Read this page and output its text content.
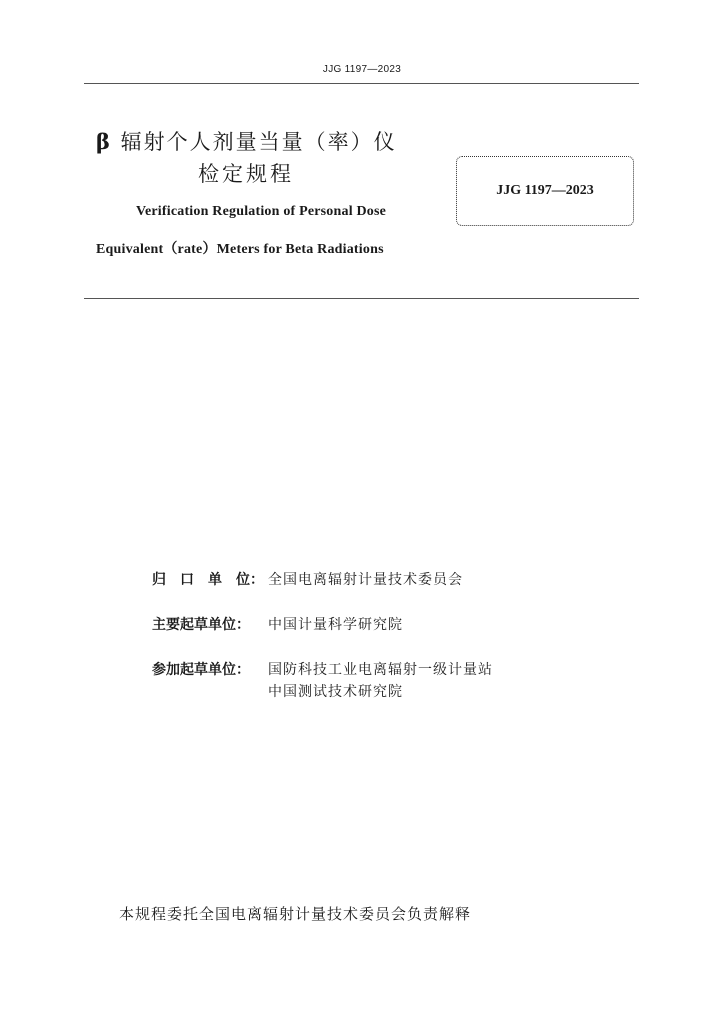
JJG 1197—2023
β 辐射个人剂量当量（率）仪
检定规程
Verification Regulation of Personal Dose
Equivalent（rate）Meters for Beta Radiations
JJG 1197—2023
归 口 单 位： 全国电离辐射计量技术委员会
主要起草单位： 中国计量科学研究院
参加起草单位： 国防科技工业电离辐射一级计量站
中国测试技术研究院
本规程委托全国电离辐射计量技术委员会负责解释
